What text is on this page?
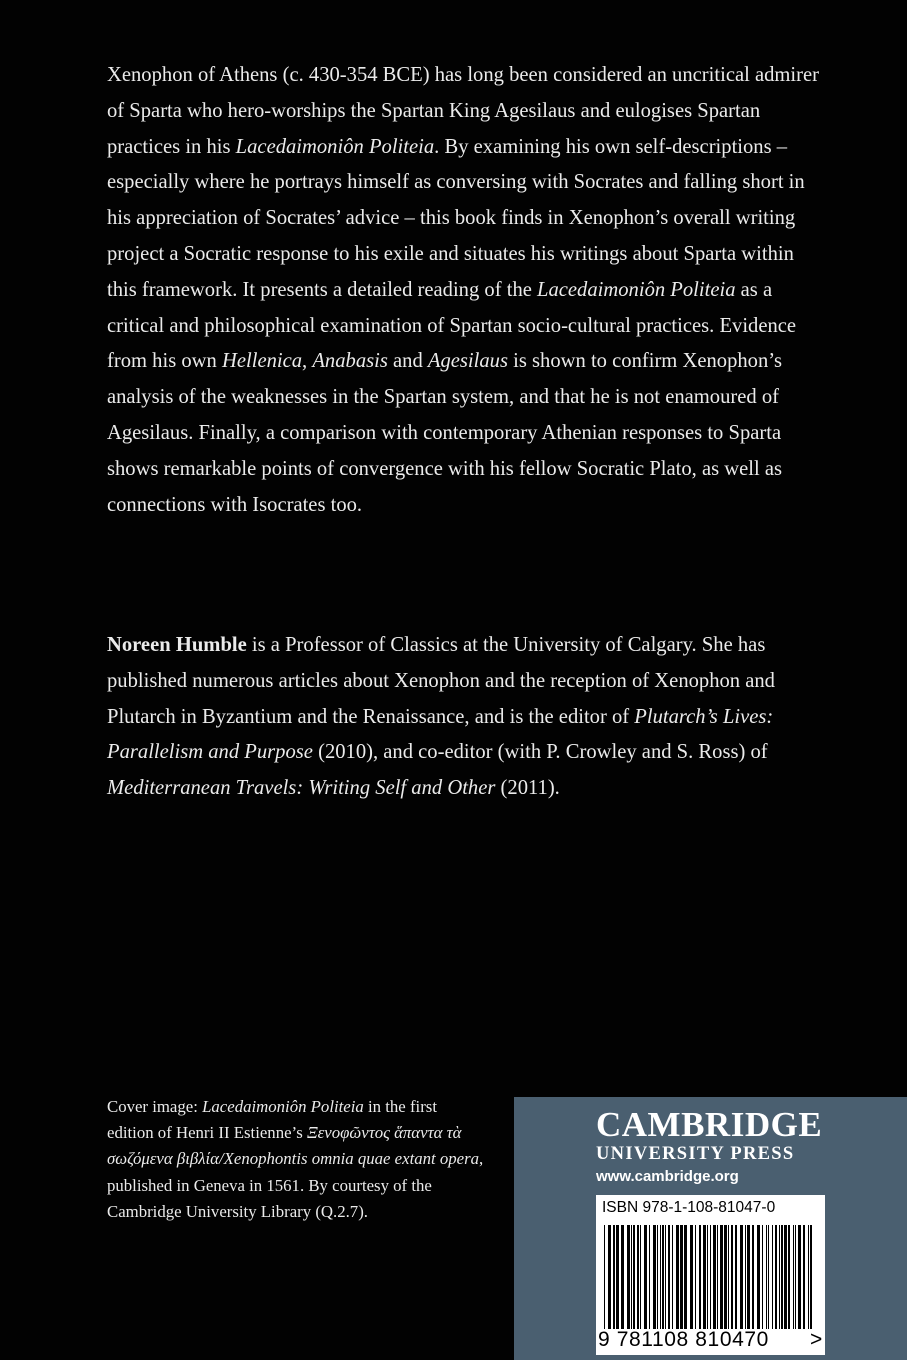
Xenophon of Athens (c. 430-354 BCE) has long been considered an uncritical admirer of Sparta who hero-worships the Spartan King Agesilaus and eulogises Spartan practices in his Lacedaimoniôn Politeia. By examining his own self-descriptions – especially where he portrays himself as conversing with Socrates and falling short in his appreciation of Socrates’ advice – this book finds in Xenophon’s overall writing project a Socratic response to his exile and situates his writings about Sparta within this framework. It presents a detailed reading of the Lacedaimoniôn Politeia as a critical and philosophical examination of Spartan socio-cultural practices. Evidence from his own Hellenica, Anabasis and Agesilaus is shown to confirm Xenophon’s analysis of the weaknesses in the Spartan system, and that he is not enamoured of Agesilaus. Finally, a comparison with contemporary Athenian responses to Sparta shows remarkable points of convergence with his fellow Socratic Plato, as well as connections with Isocrates too.

Noreen Humble is a Professor of Classics at the University of Calgary. She has published numerous articles about Xenophon and the reception of Xenophon and Plutarch in Byzantium and the Renaissance, and is the editor of Plutarch’s Lives: Parallelism and Purpose (2010), and co-editor (with P. Crowley and S. Ross) of Mediterranean Travels: Writing Self and Other (2011).

Cover image: Lacedaimoniôn Politeia in the first edition of Henri II Estienne’s Ξενοφῶντος ἅπαντα τὰ σωζόμενα βιβλία/Xenophontis omnia quae extant opera, published in Geneva in 1561. By courtesy of the Cambridge University Library (Q.2.7).

CAMBRIDGE
UNIVERSITY PRESS
www.cambridge.org
ISBN 978-1-108-81047-0
9 781108 810470 >
